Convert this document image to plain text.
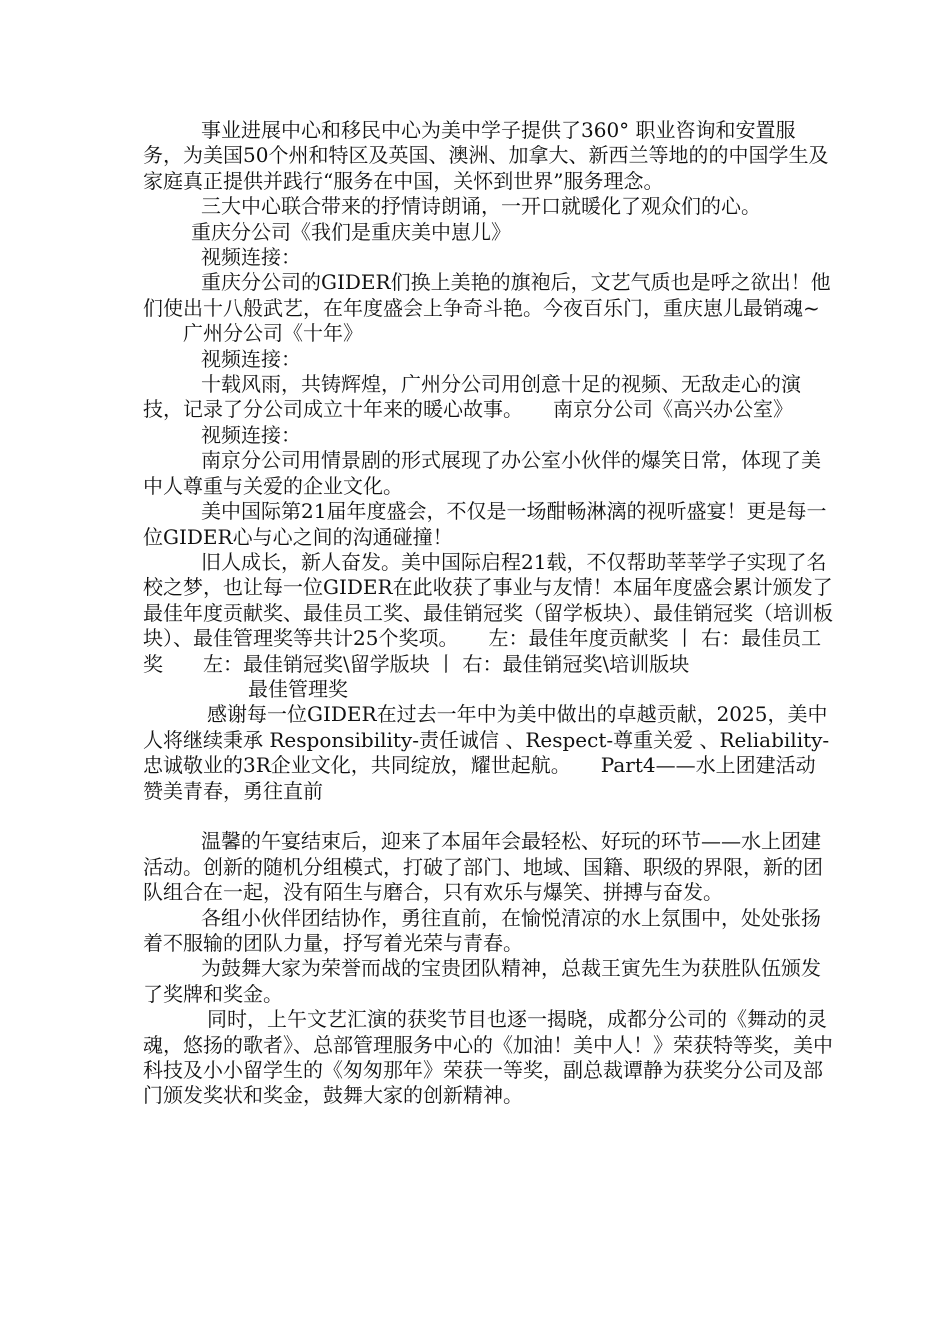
事业进展中心和移民中心为美中学子提供了360° 职业咨询和安置服务，为美国50个州和特区及英国、澳洲、加拿大、新西兰等地的的中国学生及家庭真正提供并践行“服务在中国，关怀到世界”服务理念。

三大中心联合带来的抒情诗朗诵，一开口就暖化了观众们的心。

重庆分公司《我们是重庆美中崽儿》

视频连接：

重庆分公司的GIDER们换上美艳的旗袍后，文艺气质也是呼之欲出！他们使出十八般武艺，在年度盛会上争奇斗艳。今夜百乐门，重庆崽儿最销魂~ 　　广州分公司《十年》

视频连接：

十载风雨，共铸辉煌，广州分公司用创意十足的视频、无敌走心的演技，记录了分公司成立十年来的暖心故事。　　南京分公司《高兴办公室》

视频连接：

南京分公司用情景剧的形式展现了办公室小伙伴的爆笑日常，体现了美中人尊重与关爱的企业文化。

美中国际第21届年度盛会，不仅是一场酣畅淋漓的视听盛宴！更是每一位GIDER心与心之间的沟通碰撞！

旧人成长，新人奋发。美中国际启程21载，不仅帮助莘莘学子实现了名校之梦，也让每一位GIDER在此收获了事业与友情！本届年度盛会累计颁发了最佳年度贡献奖、最佳员工奖、最佳销冠奖（留学板块）、最佳销冠奖（培训板块）、最佳管理奖等共计25个奖项。　　左：最佳年度贡献奖 丨 右：最佳员工奖　　左：最佳销冠奖\留学版块 丨 右：最佳销冠奖\培训版块

最佳管理奖

感谢每一位GIDER在过去一年中为美中做出的卓越贡献，2025，美中人将继续秉承 Responsibility-责任诚信 、Respect-尊重关爱 、Reliability-忠诚敬业的3R企业文化，共同绽放，耀世起航。　　Part4——水上团建活动　　赞美青春，勇往直前

温馨的午宴结束后，迎来了本届年会最轻松、好玩的环节——水上团建活动。创新的随机分组模式，打破了部门、地域、国籍、职级的界限，新的团队组合在一起，没有陌生与磨合，只有欢乐与爆笑、拼搏与奋发。

各组小伙伴团结协作，勇往直前，在愉悦清凉的水上氛围中，处处张扬着不服输的团队力量，抒写着光荣与青春。

为鼓舞大家为荣誉而战的宝贵团队精神，总裁王寅先生为获胜队伍颁发了奖牌和奖金。

同时，上午文艺汇演的获奖节目也逐一揭晓，成都分公司的《舞动的灵魂，悠扬的歌者》、总部管理服务中心的《加油！美中人！》荣获特等奖，美中科技及小小留学生的《匆匆那年》荣获一等奖，副总裁谭静为获奖分公司及部门颁发奖状和奖金，鼓舞大家的创新精神。
